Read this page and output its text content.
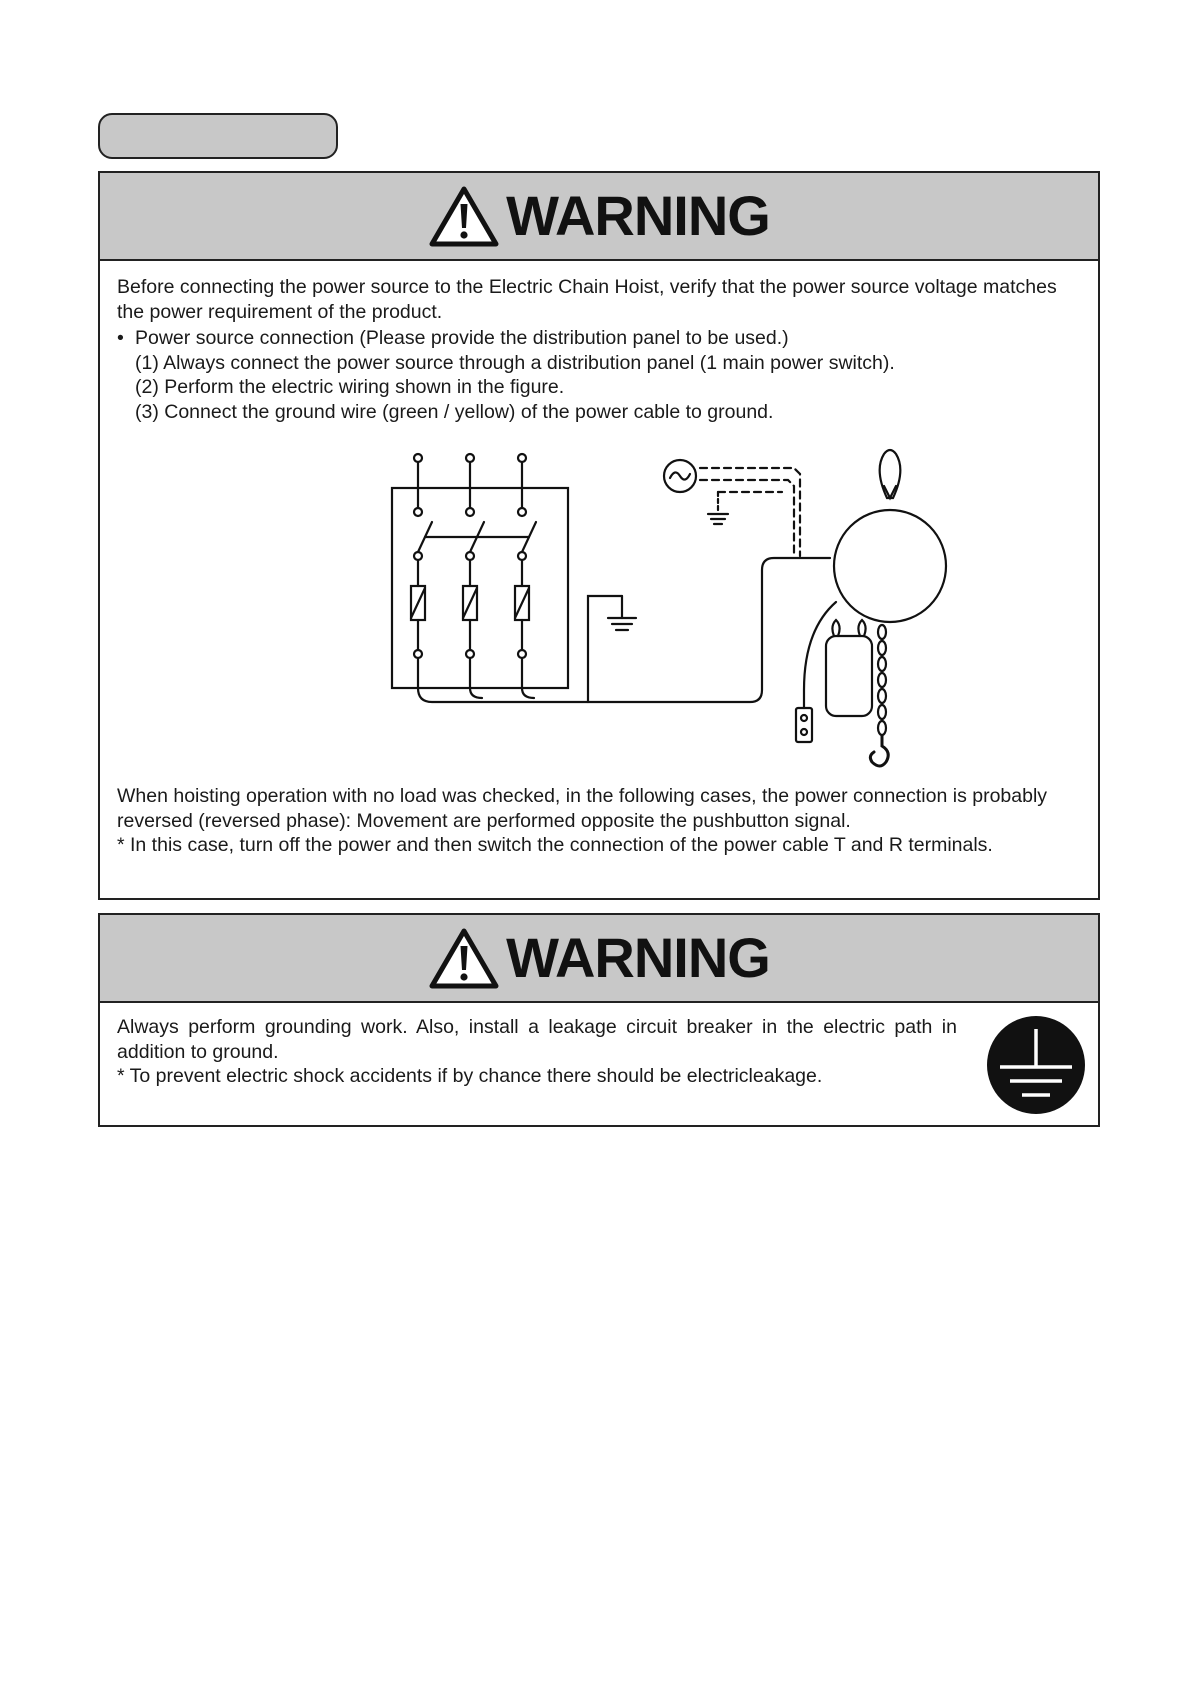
WARNING

Before connecting the power source to the Electric Chain Hoist, verify that the power source voltage matches the power requirement of the product.

• Power source connection (Please provide the distribution panel to be used.)

(1) Always connect the power source through a distribution panel (1 main power switch).

(2) Perform the electric wiring shown in the figure.

(3) Connect the ground wire (green / yellow) of the power cable to ground.

When hoisting operation with no load was checked, in the following cases, the power connection is probably reversed (reversed phase): Movement are performed opposite the pushbutton signal.

* In this case, turn off the power and then switch the connection of the power cable T and R terminals.

WARNING

Always perform grounding work. Also, install a leakage circuit breaker in the electric path in addition to ground.

* To prevent electric shock accidents if by chance there should be electricleakage.
